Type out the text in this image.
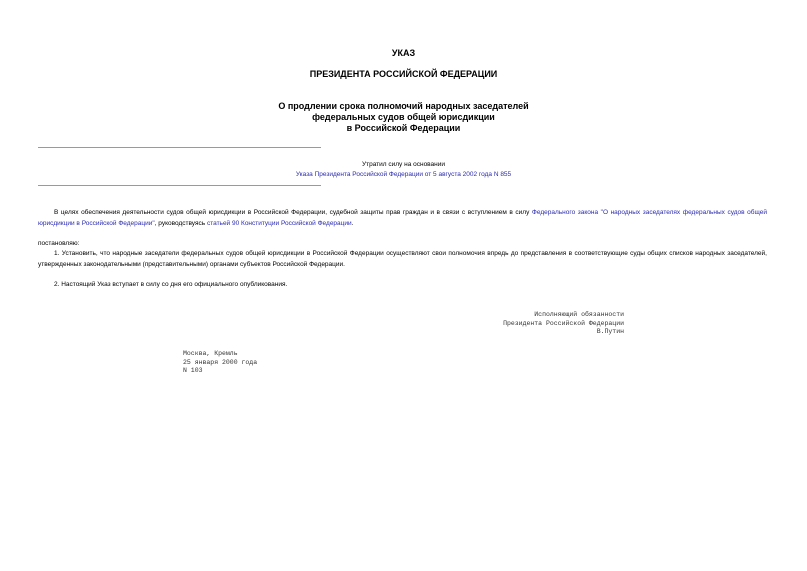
УКАЗ
ПРЕЗИДЕНТА РОССИЙСКОЙ ФЕДЕРАЦИИ
О продлении срока полномочий народных заседателей
федеральных судов общей юрисдикции
в Российской Федерации
Утратил силу на основании
Указа Президента Российской Федерации от 5 августа 2002 года N 855
В целях обеспечения деятельности судов общей юрисдикции в Российской Федерации, судебной защиты прав граждан и в связи с вступлением в силу Федерального закона "О народных заседателях федеральных судов общей юрисдикции в Российской Федерации", руководствуясь статьей 90 Конституции Российской Федерации.
постановляю:
1. Установить, что народные заседатели федеральных судов общей юрисдикции в Российской Федерации осуществляют свои полномочия впредь до представления в соответствующие суды общих списков народных заседателей, утвержденных законодательными (представительными) органами субъектов Российской Федерации.
2. Настоящий Указ вступает в силу со дня его официального опубликования.
Исполняющий обязанности
Президента Российской Федерации
В.Путин
Москва, Кремль
25 января 2000 года
N 103
